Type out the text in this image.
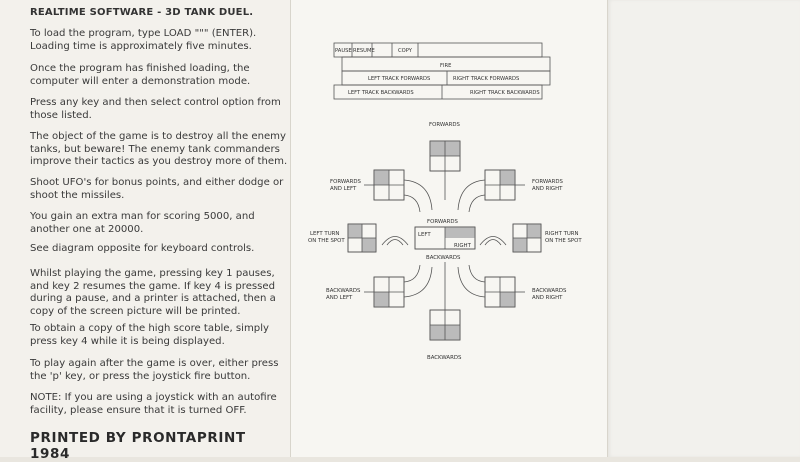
REALTIME SOFTWARE - 3D TANK DUEL.

To load the program, type LOAD """ (ENTER).
Loading time is approximately five minutes.

Once the program has finished loading, the
computer will enter a demonstration mode.

Press any key and then select control option from
those listed.

The object of the game is to destroy all the enemy
tanks, but beware! The enemy tank commanders
improve their tactics as you destroy more of them.

Shoot UFO's for bonus points, and either dodge or
shoot the missiles.

You gain an extra man for scoring 5000, and
another one at 20000.

See diagram opposite for keyboard controls.

Whilst playing the game, pressing key 1 pauses,
and key 2 resumes the game. If key 4 is pressed
during a pause, and a printer is attached, then a
copy of the screen picture will be printed.

To obtain a copy of the high score table, simply
press key 4 while it is being displayed.

To play again after the game is over, either press
the 'p' key, or press the joystick fire button.

NOTE: If you are using a joystick with an autofire
facility, please ensure that it is turned OFF.

PRINTED BY PRONTAPRINT 1984
PAUSE RESUME	COPY
FIRE
LEFT TRACK FORWARDS	RIGHT TRACK FORWARDS
LEFT TRACK BACKWARDS	RIGHT TRACK BACKWARDS
FORWARDS
FORWARDS AND LEFT
FORWARDS AND RIGHT
LEFT TURN ON THE SPOT
RIGHT TURN ON THE SPOT
FORWARDS
LEFT
RIGHT
BACKWARDS
BACKWARDS AND LEFT
BACKWARDS AND RIGHT
BACKWARDS
